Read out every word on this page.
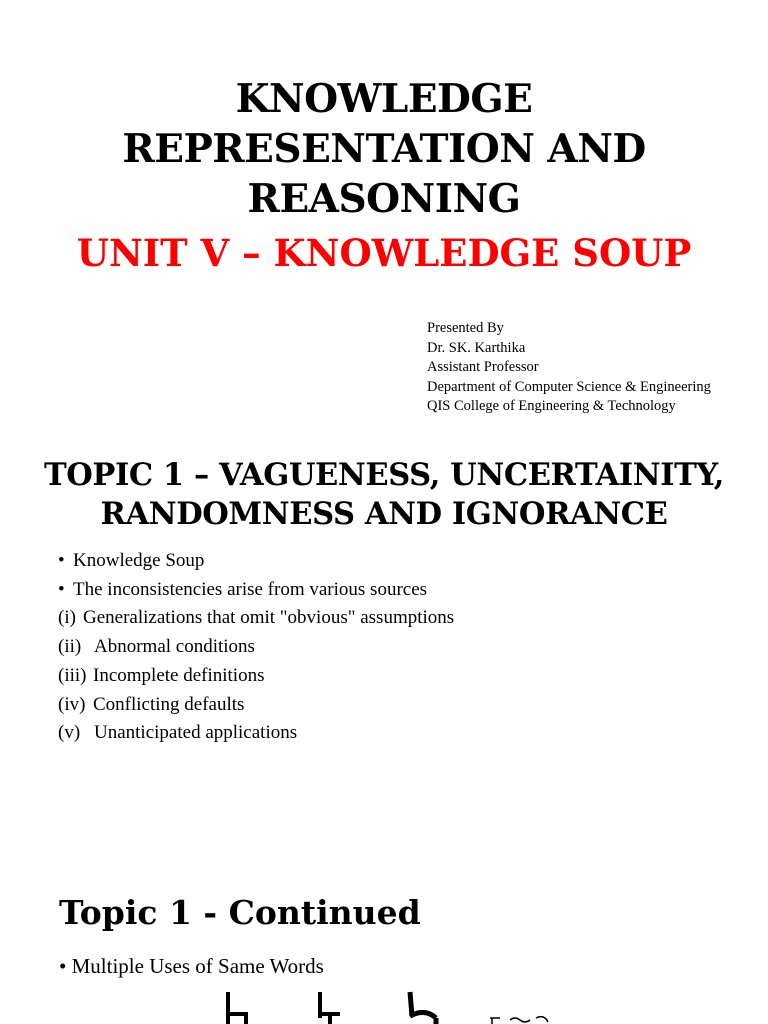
KNOWLEDGE
REPRESENTATION AND
REASONING
UNIT V – KNOWLEDGE SOUP
Presented By
Dr. SK. Karthika
Assistant Professor
Department of Computer Science & Engineering
QIS College of Engineering & Technology
TOPIC 1 – VAGUENESS, UNCERTAINITY,
RANDOMNESS AND IGNORANCE
• Knowledge Soup
• The inconsistencies arise from various sources
(i) Generalizations that omit "obvious" assumptions
(ii) Abnormal conditions
(iii) Incomplete definitions
(iv) Conflicting defaults
(v) Unanticipated applications
Topic 1 - Continued
• Multiple Uses of Same Words
